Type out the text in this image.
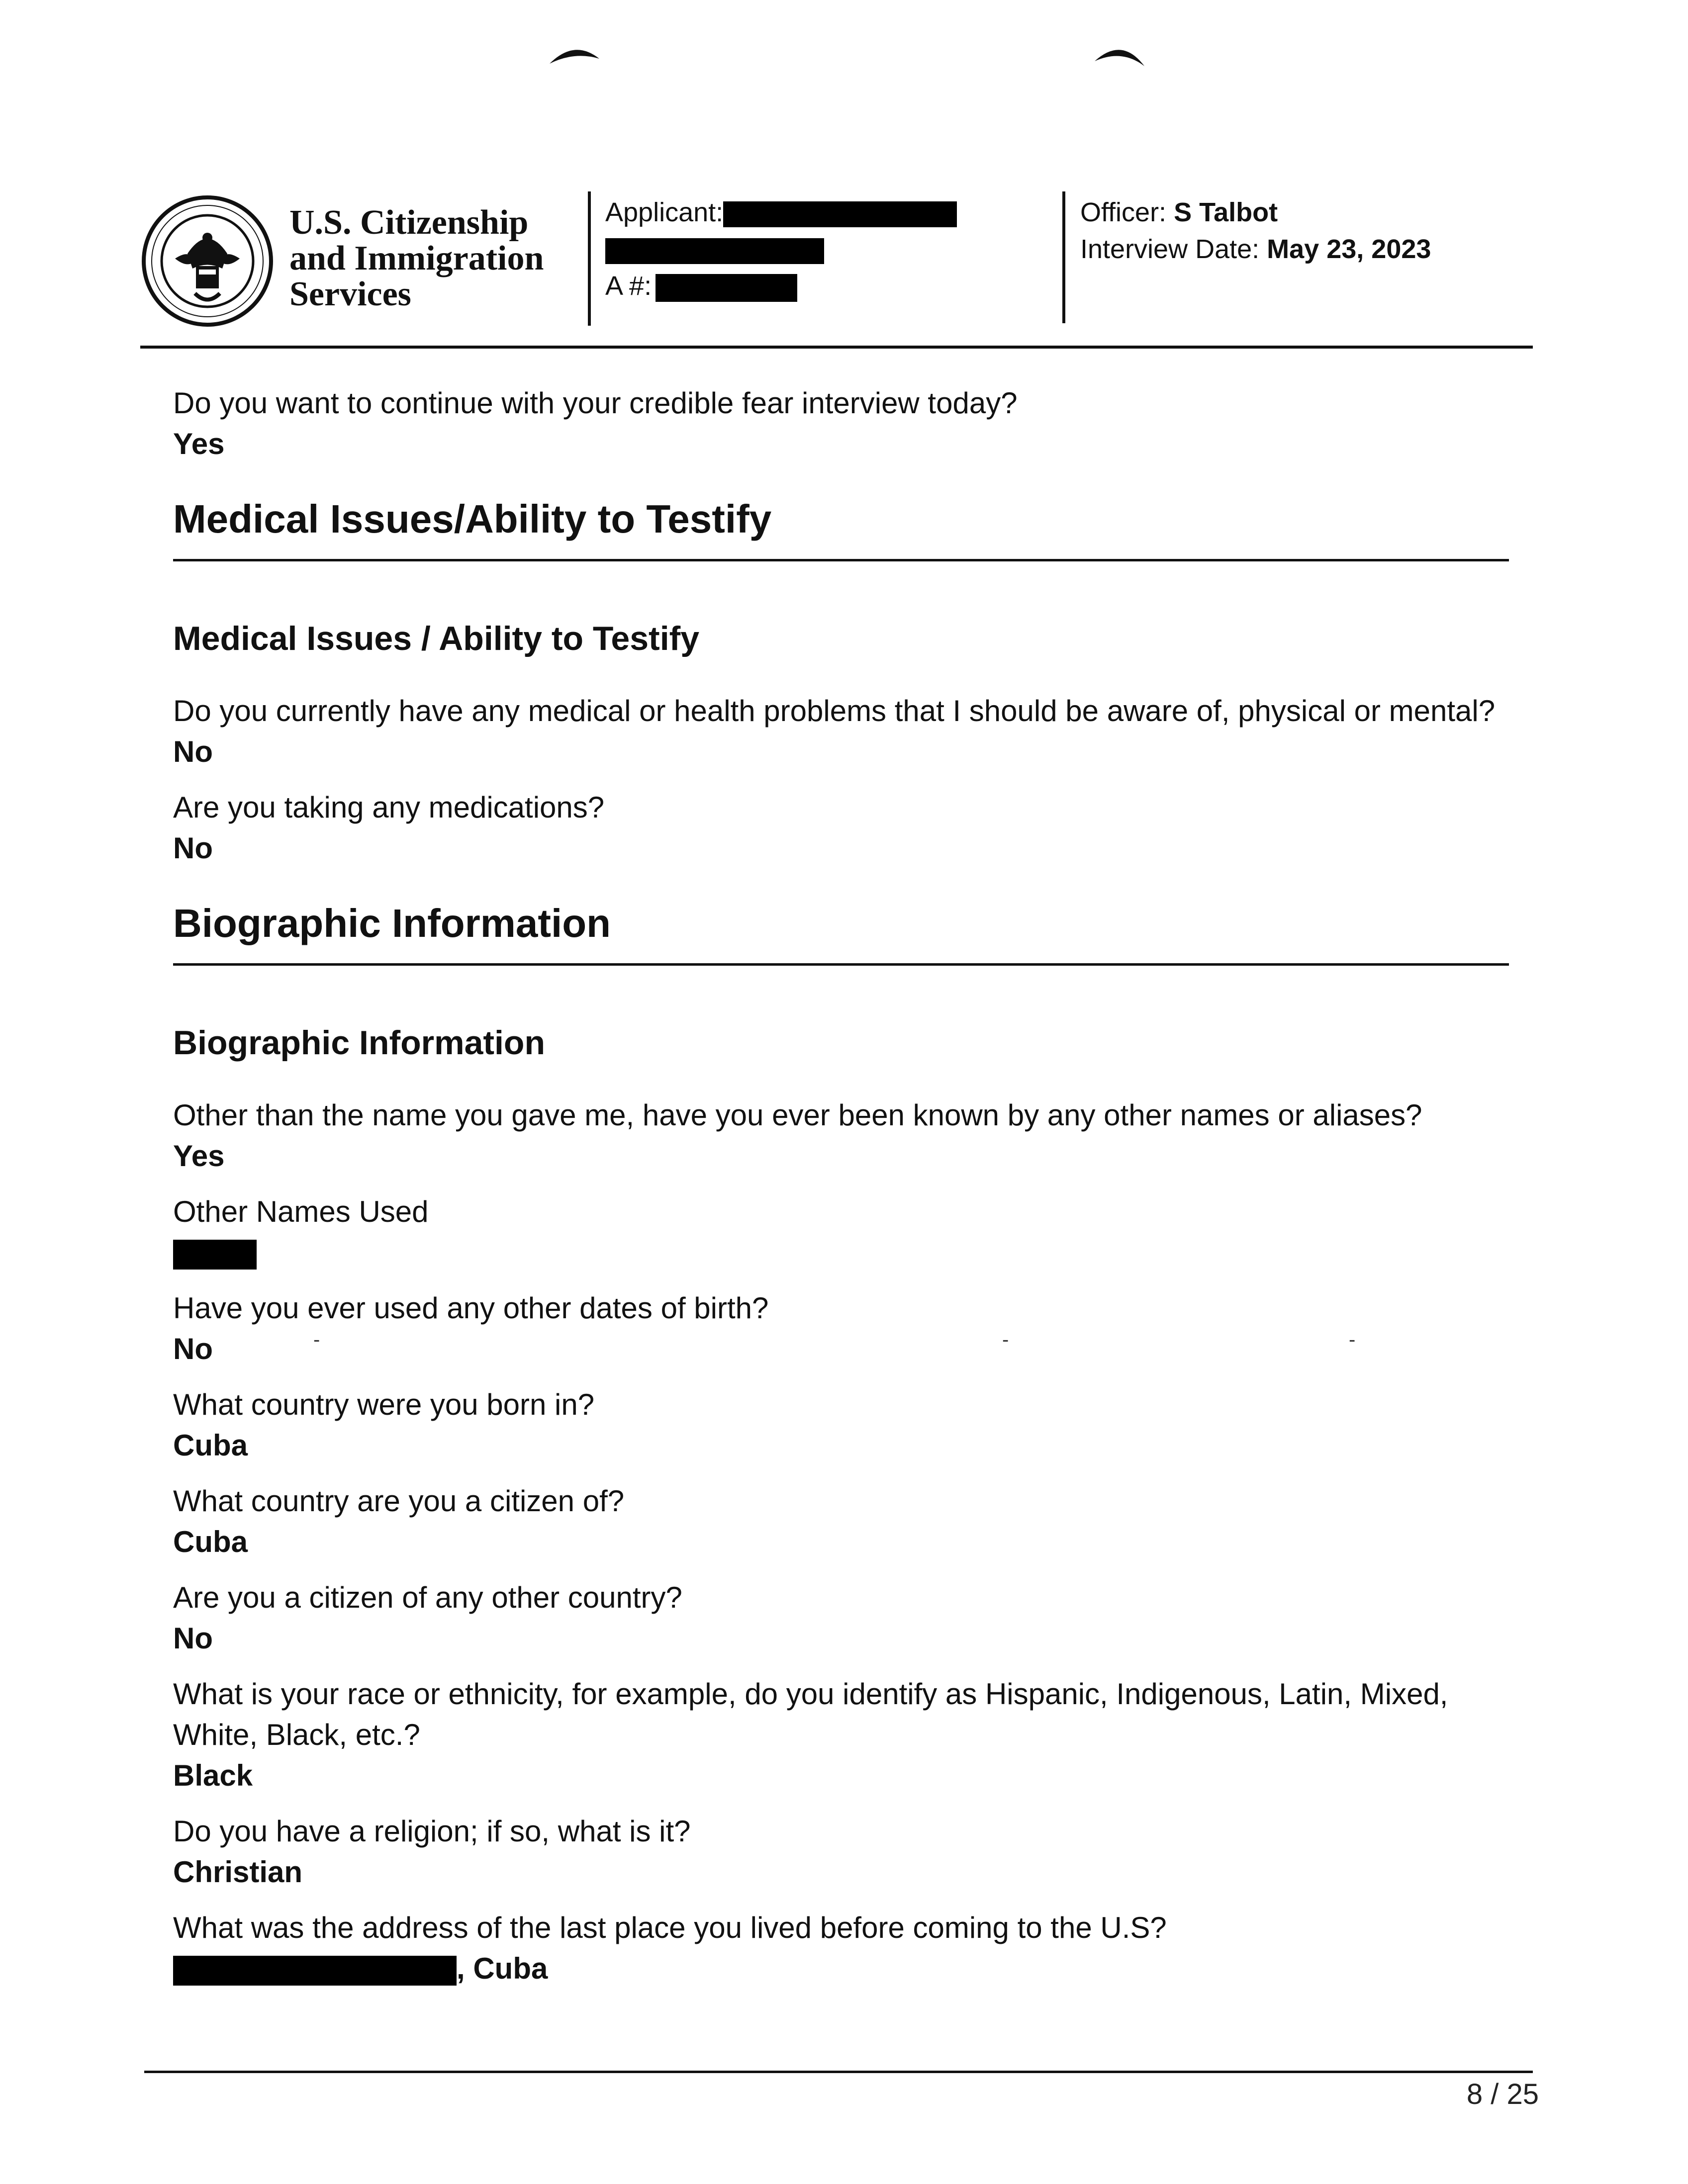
U.S. Citizenship
and Immigration
Services
Applicant:
A #:
Officer: S Talbot
Interview Date: May 23, 2023

Do you want to continue with your credible fear interview today?

Yes

Medical Issues/Ability to Testify
Medical Issues / Ability to Testify

Do you currently have any medical or health problems that I should be aware of, physical or mental?

No

Are you taking any medications?

No

Biographic Information
Biographic Information

Other than the name you gave me, have you ever been known by any other names or aliases?

Yes

Other Names Used

Have you ever used any other dates of birth?

No

What country were you born in?

Cuba

What country are you a citizen of?

Cuba

Are you a citizen of any other country?

No

What is your race or ethnicity, for example, do you identify as Hispanic, Indigenous, Latin, Mixed, White, Black, etc.?

Black

Do you have a religion; if so, what is it?

Christian

What was the address of the last place you lived before coming to the U.S?

, Cuba

-	-	-
8 / 25
